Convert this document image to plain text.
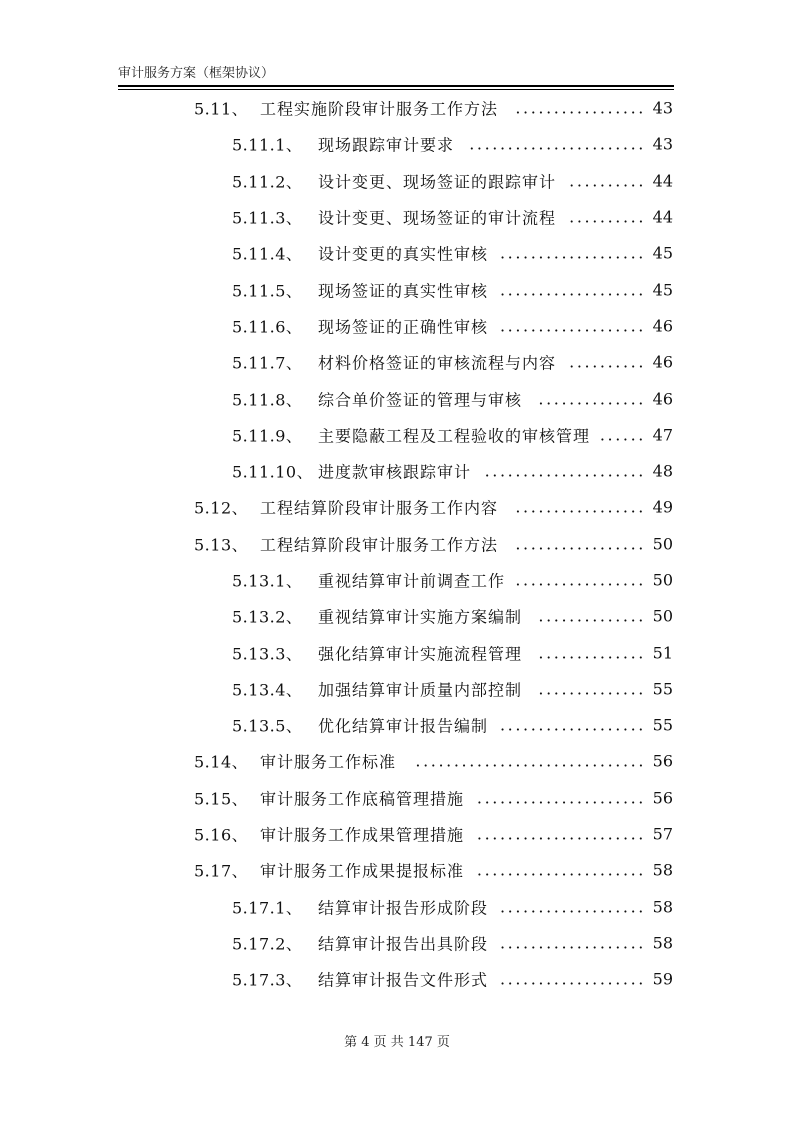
审计服务方案（框架协议）
5.11、 工程实施阶段审计服务工作方法	................. 43
5.11.1、 现场跟踪审计要求 ....................... 43
5.11.2、 设计变更、现场签证的跟踪审计 .......... 44
5.11.3、 设计变更、现场签证的审计流程 .......... 44
5.11.4、 设计变更的真实性审核 ................... 45
5.11.5、 现场签证的真实性审核 ................... 45
5.11.6、 现场签证的正确性审核 ................... 46
5.11.7、 材料价格签证的审核流程与内容 .......... 46
5.11.8、 综合单价签证的管理与审核	.............. 46
5.11.9、 主要隐蔽工程及工程验收的审核管理 ...... 47
5.11.10、 进度款审核跟踪审计 ..................... 48
5.12、 工程结算阶段审计服务工作内容	................. 49
5.13、 工程结算阶段审计服务工作方法	................. 50
5.13.1、 重视结算审计前调查工作 ................. 50
5.13.2、 重视结算审计实施方案编制	.............. 50
5.13.3、 强化结算审计实施流程管理	.............. 51
5.13.4、 加强结算审计质量内部控制	.............. 55
5.13.5、 优化结算审计报告编制 ................... 55
5.14、 审计服务工作标准	.............................. 56
5.15、 审计服务工作底稿管理措施 ...................... 56
5.16、 审计服务工作成果管理措施 ...................... 57
5.17、 审计服务工作成果提报标准 ...................... 58
5.17.1、 结算审计报告形成阶段 ................... 58
5.17.2、 结算审计报告出具阶段 ................... 58
5.17.3、 结算审计报告文件形式 ................... 59
第 4 页 共 147 页
